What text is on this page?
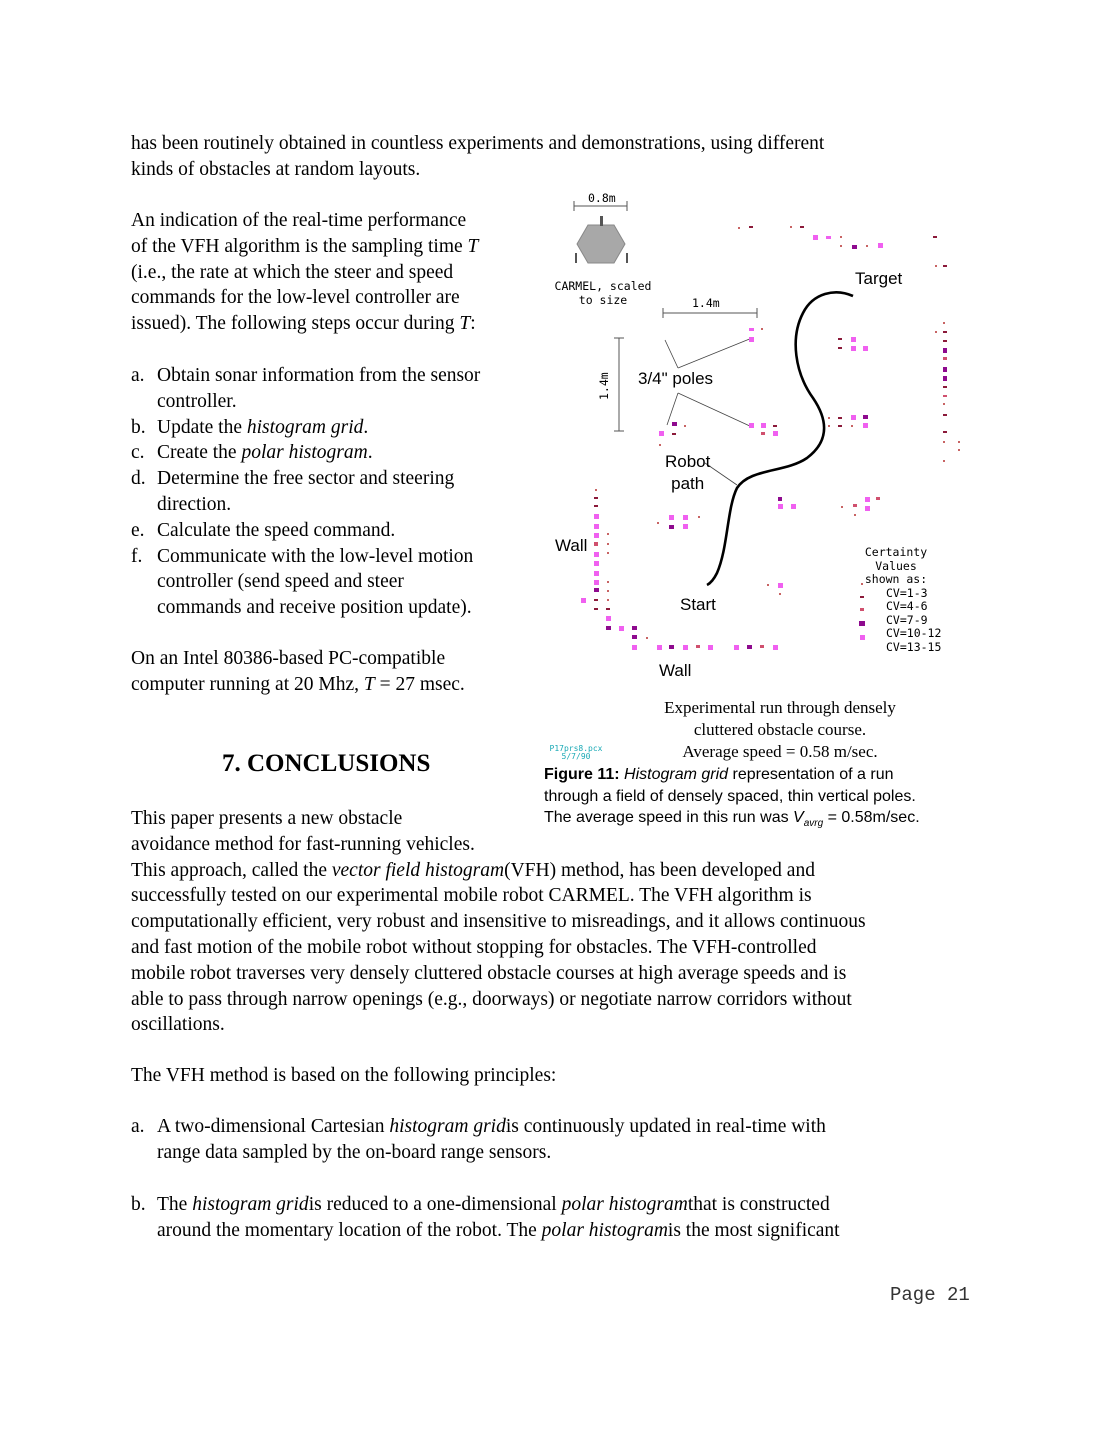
has been routinely obtained in countless experiments and demonstrations, using different
kinds of obstacles at random layouts.
An indication of the real-time performance
of the VFH algorithm is the sampling time T
(i.e., the rate at which the steer and speed
commands for the low-level controller are
issued). The following steps occur during T:
a. Obtain sonar information from the sensor
controller.
b. Update the histogram grid.
c. Create the polar histogram.
d. Determine the free sector and steering
direction.
e. Calculate the speed command.
f. Communicate with the low-level motion
controller (send speed and steer
commands and receive position update).
On an Intel 80386-based PC-compatible
computer running at 20 Mhz, T = 27 msec.
7. CONCLUSIONS
This paper presents a new obstacle
avoidance method for fast-running vehicles.
This approach, called the vector field histogram(VFH) method, has been developed and
successfully tested on our experimental mobile robot CARMEL. The VFH algorithm is
computationally efficient, very robust and insensitive to misreadings, and it allows continuous
and fast motion of the mobile robot without stopping for obstacles. The VFH-controlled
mobile robot traverses very densely cluttered obstacle courses at high average speeds and is
able to pass through narrow openings (e.g., doorways) or negotiate narrow corridors without
oscillations.
The VFH method is based on the following principles:
a. A two-dimensional Cartesian histogram gridis continuously updated in real-time with
range data sampled by the on-board range sensors.
b. The histogram gridis reduced to a one-dimensional polar histogramthat is constructed
around the momentary location of the robot. The polar histogramis the most significant
Page 21
0.8m
CARMEL, scaled
to size	1.4m
1.4m
Target
3/4" poles
Robot
path
Wall
Start
Wall
Certainty Values
shown as:
CV=1-3
CV=4-6
CV=7-9
CV=10-12
CV=13-15
Experimental run through densely
cluttered obstacle course.
Average speed = 0.58 m/sec.
P17prs8.pcx
5/7/90
Figure 11: Histogram grid representation of a run
through a field of densely spaced, thin vertical poles.
The average speed in this run was $V_{avrg} = 0.58m/\sec$.
